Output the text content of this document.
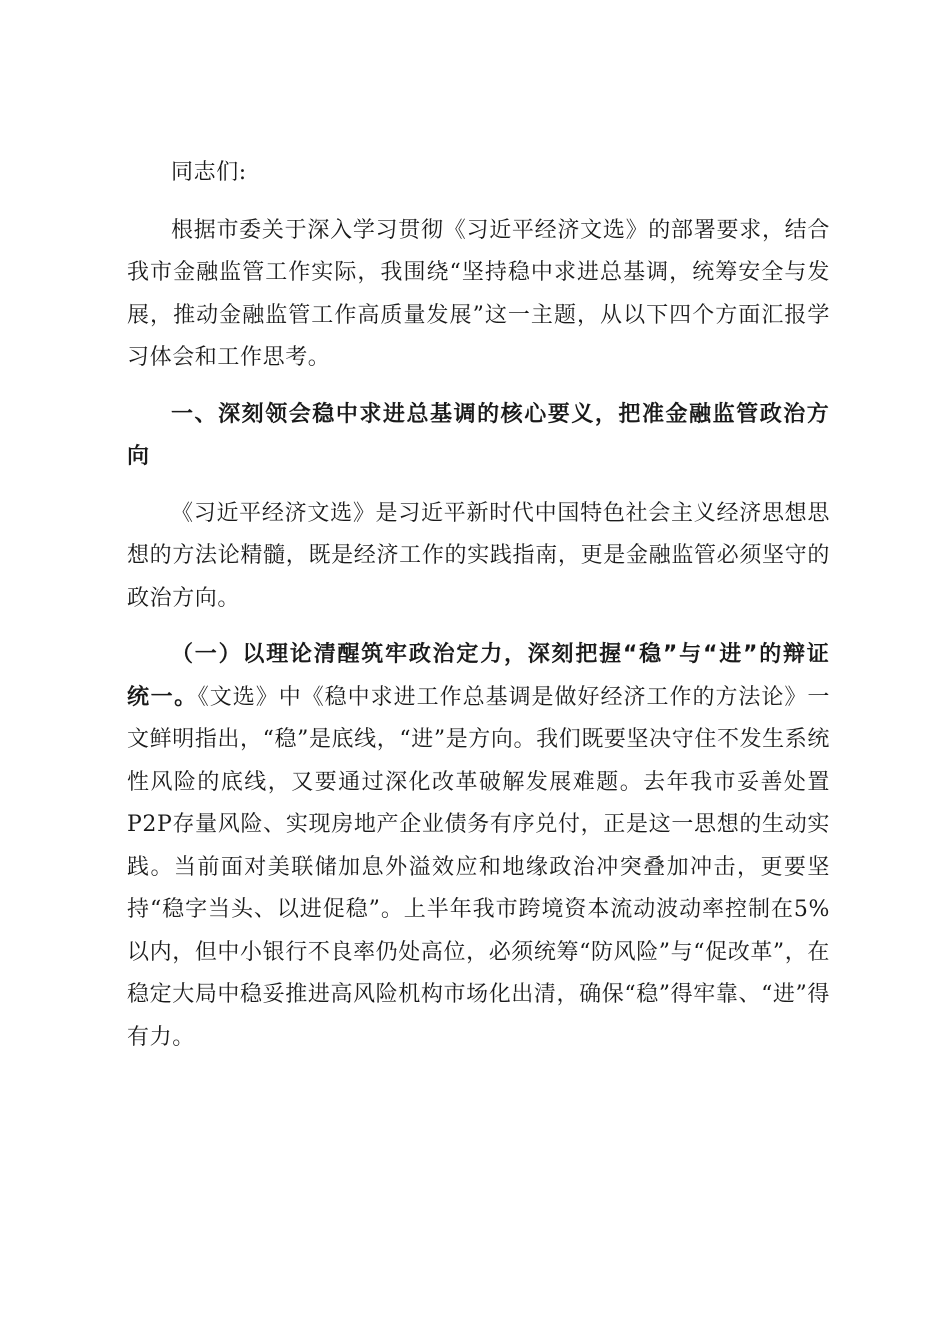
同志们:

根据市委关于深入学习贯彻《习近平经济文选》的部署要求，结合我市金融监管工作实际，我围绕“坚持稳中求进总基调，统筹安全与发展，推动金融监管工作高质量发展”这一主题，从以下四个方面汇报学习体会和工作思考。

一、深刻领会稳中求进总基调的核心要义，把准金融监管政治方向

《习近平经济文选》是习近平新时代中国特色社会主义经济思想思想的方法论精髓，既是经济工作的实践指南，更是金融监管必须坚守的政治方向。

（一）以理论清醒筑牢政治定力，深刻把握“稳”与“进”的辩证统一。《文选》中《稳中求进工作总基调是做好经济工作的方法论》一文鲜明指出，“稳”是底线，“进”是方向。我们既要坚决守住不发生系统性风险的底线，又要通过深化改革破解发展难题。去年我市妥善处置P2P存量风险、实现房地产企业债务有序兑付，正是这一思想的生动实践。当前面对美联储加息外溢效应和地缘政治冲突叠加冲击，更要坚持“稳字当头、以进促稳”。上半年我市跨境资本流动波动率控制在5%以内，但中小银行不良率仍处高位，必须统筹“防风险”与“促改革”，在稳定大局中稳妥推进高风险机构市场化出清，确保“稳”得牢靠、“进”得有力。
